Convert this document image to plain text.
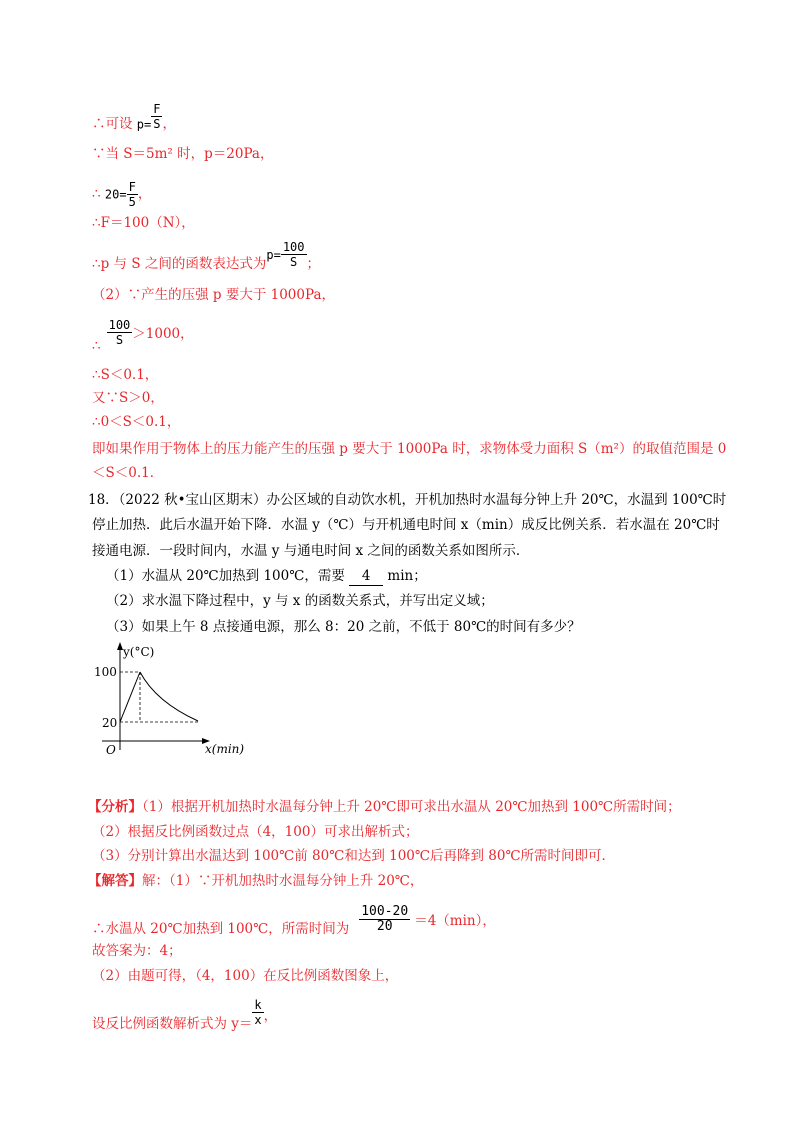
∴可设 $p= \frac{F}{S}$ ，
∵当 S＝5m² 时，p＝20Pa，
∴ $20= \frac{F}{5}$ ，
∴F＝100（N），
∴p 与 S 之间的函数表达式为$p= \frac{100}{S}$ ；
（2）∵产生的压强 p 要大于 1000Pa，
∴ $\frac{100}{S} >1000$，
∴S＜0.1，
又∵S＞0，
∴0＜S＜0.1，
即如果作用于物体上的压力能产生的压强 p 要大于 1000Pa 时，求物体受力面积 S（m²）的取值范围是 0
＜S＜0.1．
18．（2022 秋•宝山区期末）办公区域的自动饮水机，开机加热时水温每分钟上升 20℃，水温到 100℃时
停止加热．此后水温开始下降．水温 y（℃）与开机通电时间 x（min）成反比例关系．若水温在 20℃时
接通电源．一段时间内，水温 y 与通电时间 x 之间的函数关系如图所示．
（1）水温从 20℃加热到 100℃，需要 4 min；
（2）求水温下降过程中，y 与 x 的函数关系式，并写出定义域；
（3）如果上午 8 点接通电源，那么 8：20 之前，不低于 80℃的时间有多少？
y(°C)
x(min)
O
100
20
【分析】（1）根据开机加热时水温每分钟上升 20℃即可求出水温从 20℃加热到 100℃所需时间；
（2）根据反比例函数过点（4，100）可求出解析式；
（3）分别计算出水温达到 100℃前 80℃和达到 100℃后再降到 80℃所需时间即可．
【解答】解：（1）∵开机加热时水温每分钟上升 20℃，
∴水温从 20℃加热到 100℃，所需时间为 $\frac{100-20}{20} =4(\min)$，
故答案为：4；
（2）由题可得，（4，100）在反比例函数图象上，
设反比例函数解析式为 $y= \frac{k}{x}$ ，
